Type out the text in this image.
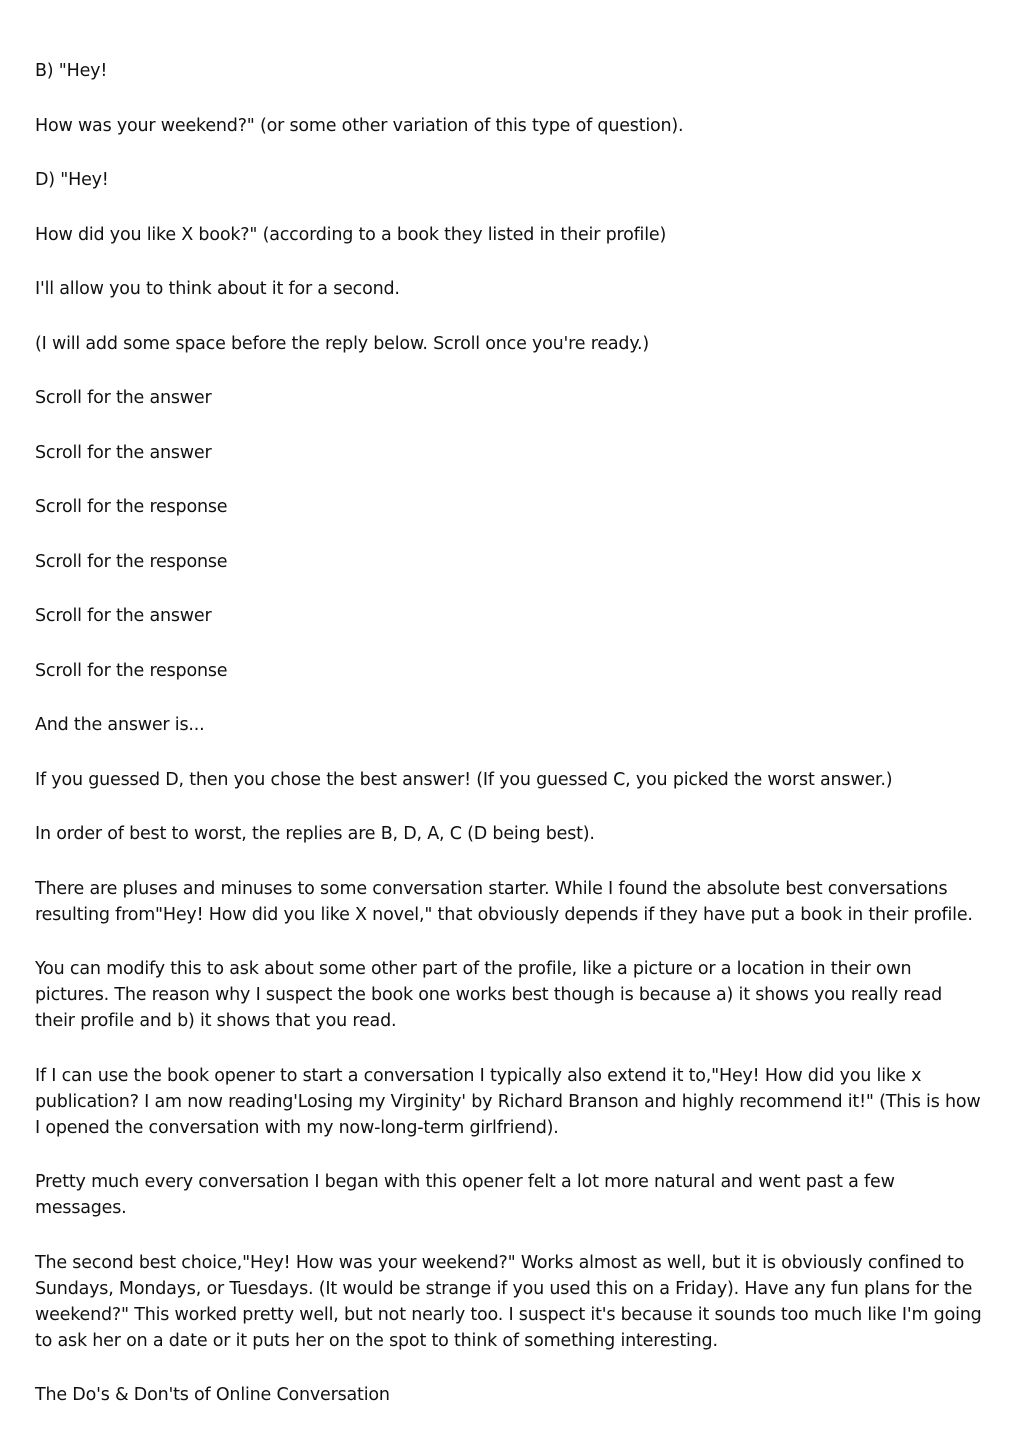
B) "Hey!

How was your weekend?" (or some other variation of this type of question).

D) "Hey!

How did you like X book?" (according to a book they listed in their profile)

I'll allow you to think about it for a second.

(I will add some space before the reply below. Scroll once you're ready.)

Scroll for the answer

Scroll for the answer

Scroll for the response

Scroll for the response

Scroll for the answer

Scroll for the response

And the answer is...

If you guessed D, then you chose the best answer! (If you guessed C, you picked the worst answer.)

In order of best to worst, the replies are B, D, A, C (D being best).

There are pluses and minuses to some conversation starter. While I found the absolute best conversations resulting from"Hey! How did you like X novel," that obviously depends if they have put a book in their profile.

You can modify this to ask about some other part of the profile, like a picture or a location in their own pictures. The reason why I suspect the book one works best though is because a) it shows you really read their profile and b) it shows that you read.

If I can use the book opener to start a conversation I typically also extend it to,"Hey! How did you like x publication? I am now reading'Losing my Virginity' by Richard Branson and highly recommend it!" (This is how I opened the conversation with my now-long-term girlfriend).

Pretty much every conversation I began with this opener felt a lot more natural and went past a few messages.

The second best choice,"Hey! How was your weekend?" Works almost as well, but it is obviously confined to Sundays, Mondays, or Tuesdays. (It would be strange if you used this on a Friday). Have any fun plans for the weekend?" This worked pretty well, but not nearly too. I suspect it's because it sounds too much like I'm going to ask her on a date or it puts her on the spot to think of something interesting.

The Do's & Don'ts of Online Conversation
